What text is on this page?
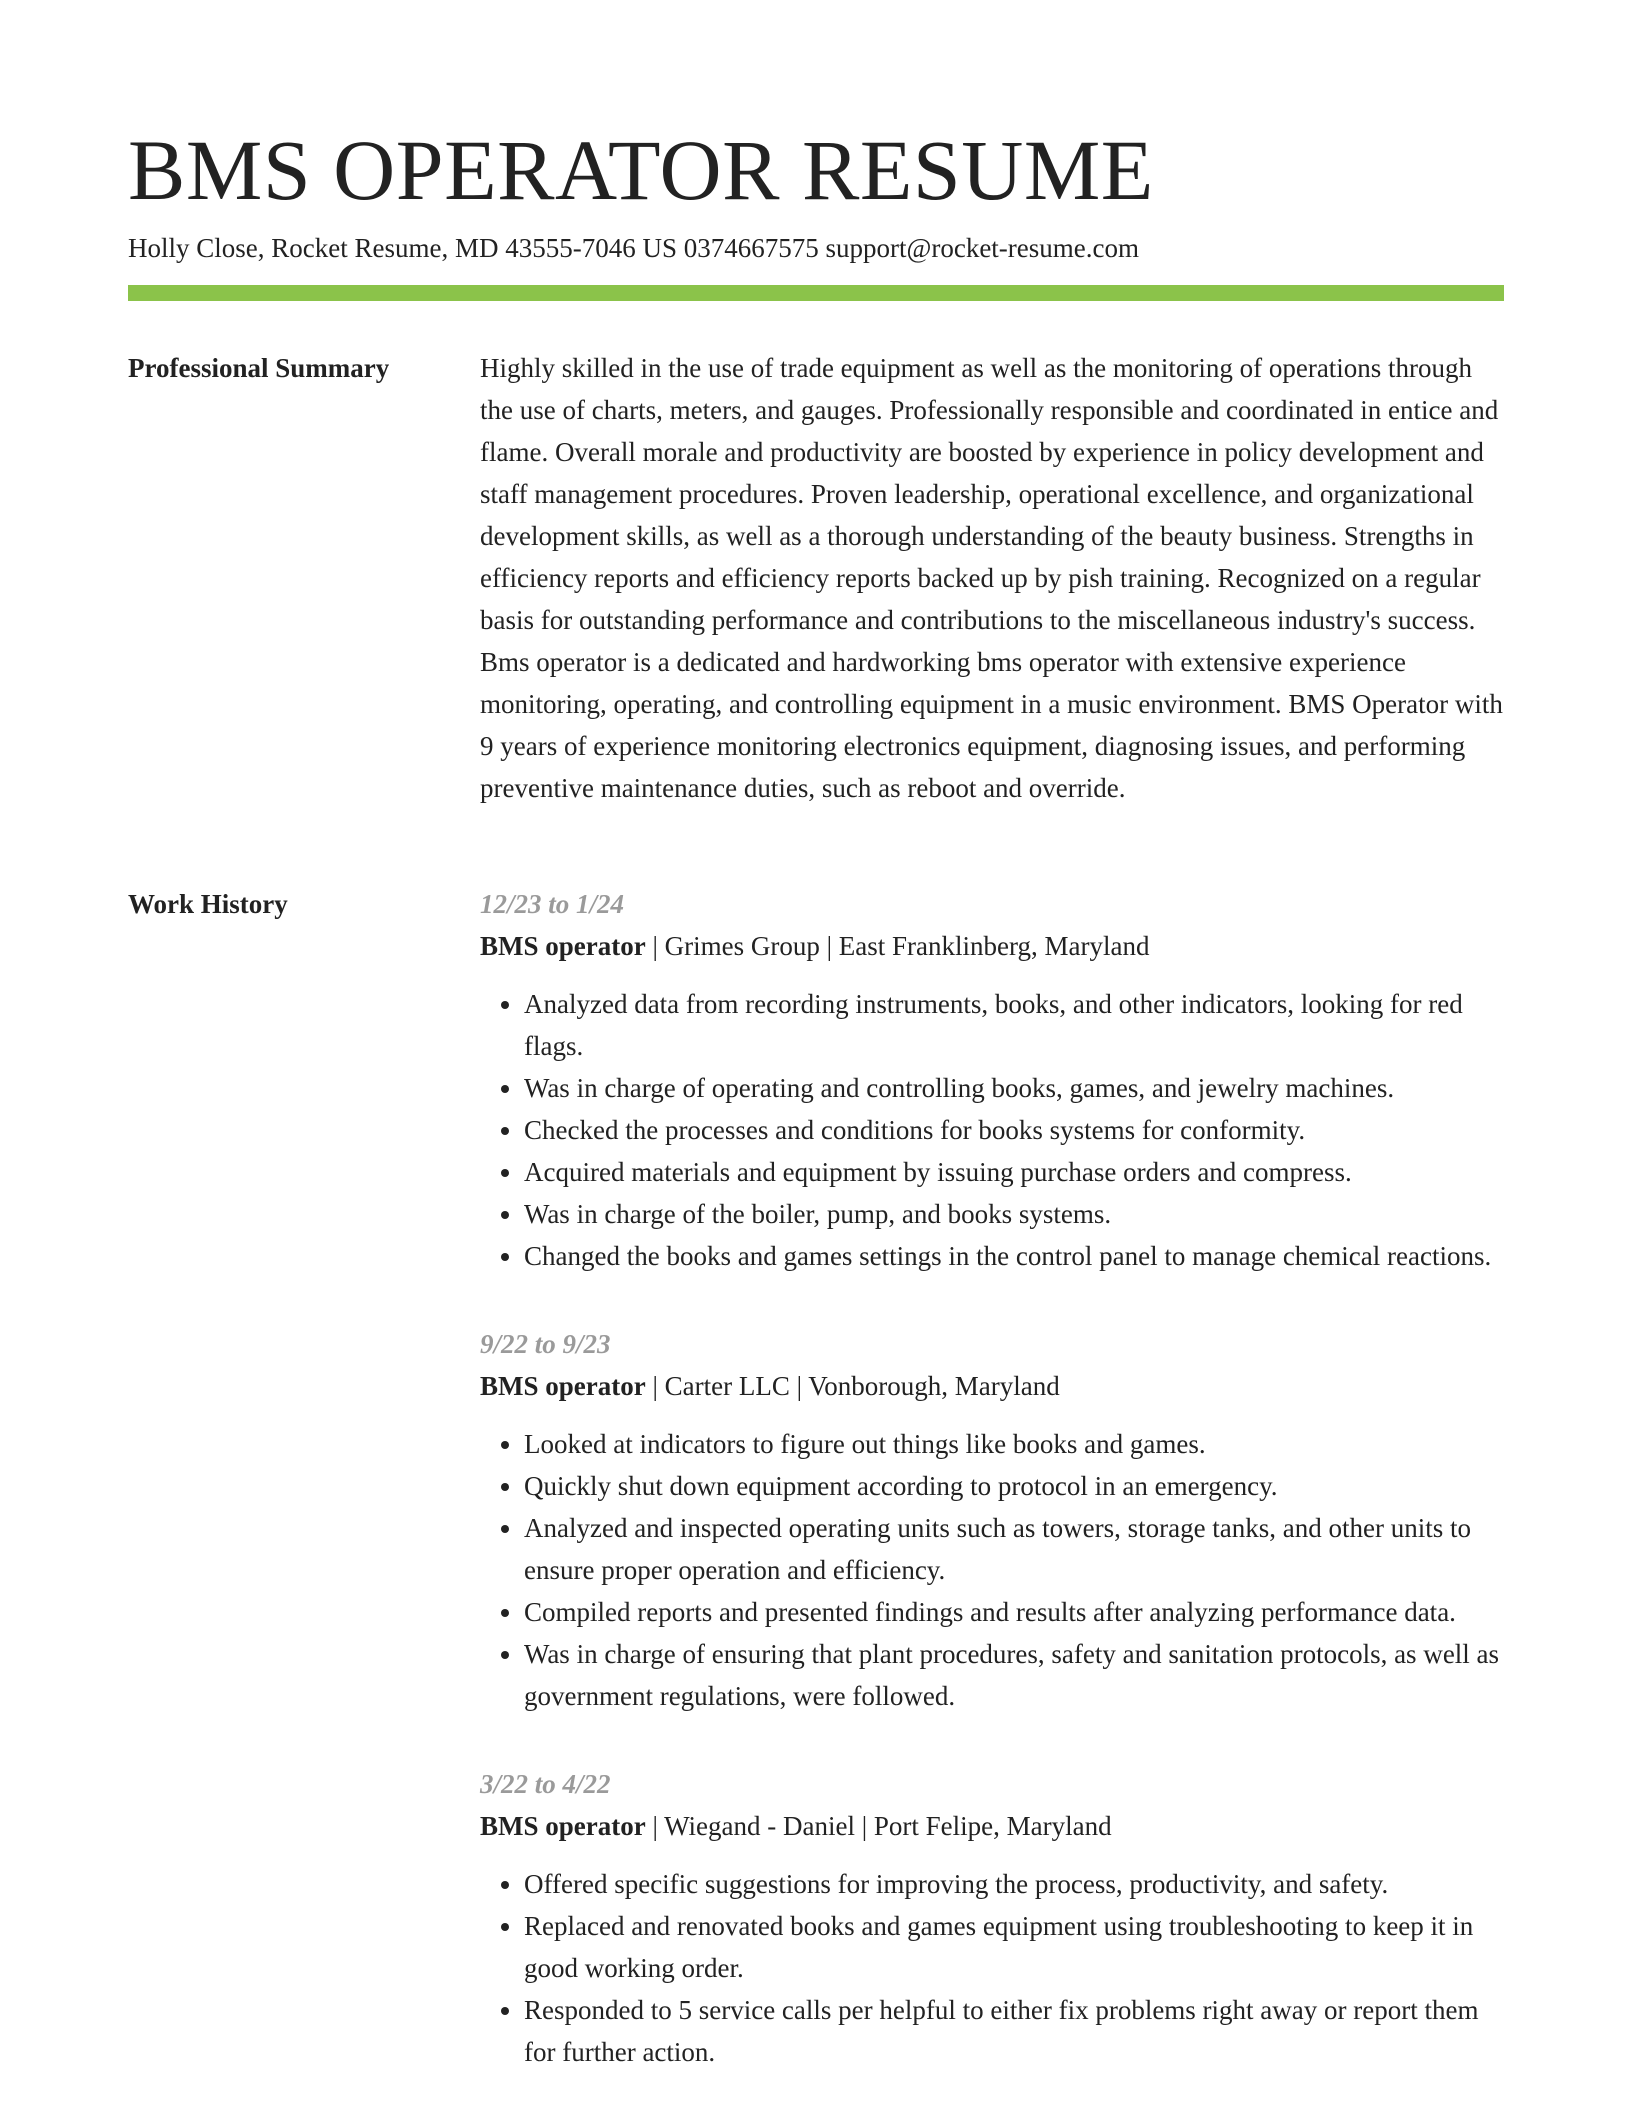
BMS OPERATOR RESUME
Holly Close, Rocket Resume, MD 43555-7046 US 0374667575 support@rocket-resume.com
Professional Summary	Highly skilled in the use of trade equipment as well as the monitoring of operations through the use of charts, meters, and gauges. Professionally responsible and coordinated in entice and flame. Overall morale and productivity are boosted by experience in policy development and staff management procedures. Proven leadership, operational excellence, and organizational development skills, as well as a thorough understanding of the beauty business. Strengths in efficiency reports and efficiency reports backed up by pish training. Recognized on a regular basis for outstanding performance and contributions to the miscellaneous industry's success. Bms operator is a dedicated and hardworking bms operator with extensive experience monitoring, operating, and controlling equipment in a music environment. BMS Operator with 9 years of experience monitoring electronics equipment, diagnosing issues, and performing preventive maintenance duties, such as reboot and override.

Work History	12/23 to 1/24
BMS operator | Grimes Group | East Franklinberg, Maryland
• Analyzed data from recording instruments, books, and other indicators, looking for red flags.
• Was in charge of operating and controlling books, games, and jewelry machines.
• Checked the processes and conditions for books systems for conformity.
• Acquired materials and equipment by issuing purchase orders and compress.
• Was in charge of the boiler, pump, and books systems.
• Changed the books and games settings in the control panel to manage chemical reactions.
9/22 to 9/23
BMS operator | Carter LLC | Vonborough, Maryland
• Looked at indicators to figure out things like books and games.
• Quickly shut down equipment according to protocol in an emergency.
• Analyzed and inspected operating units such as towers, storage tanks, and other units to ensure proper operation and efficiency.
• Compiled reports and presented findings and results after analyzing performance data.
• Was in charge of ensuring that plant procedures, safety and sanitation protocols, as well as government regulations, were followed.
3/22 to 4/22
BMS operator | Wiegand - Daniel | Port Felipe, Maryland
• Offered specific suggestions for improving the process, productivity, and safety.
• Replaced and renovated books and games equipment using troubleshooting to keep it in good working order.
• Responded to 5 service calls per helpful to either fix problems right away or report them for further action.
